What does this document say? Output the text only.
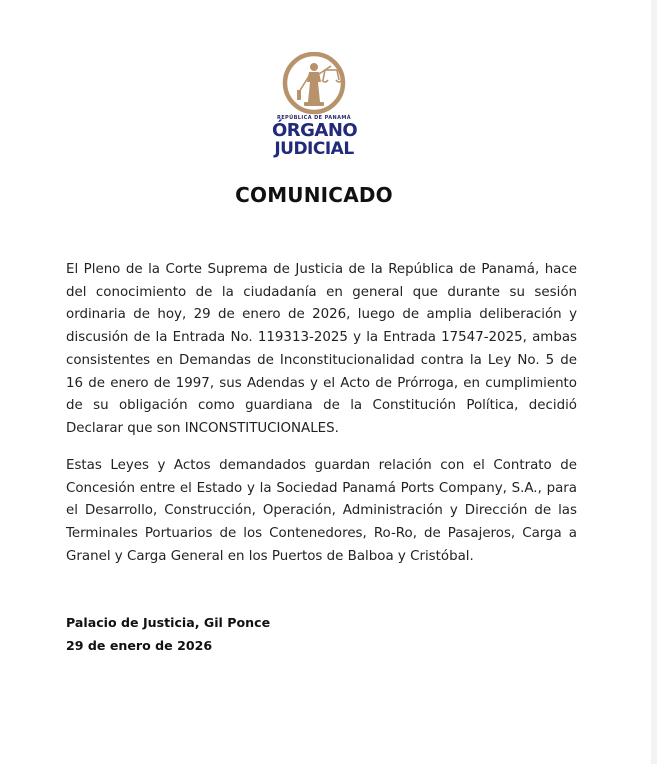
REPÚBLICA DE PANAMÁ
ÓRGANO
JUDICIAL
COMUNICADO
El Pleno de la Corte Suprema de Justicia de la República de Panamá, hace del conocimiento de la ciudadanía en general que durante su sesión ordinaria de hoy, 29 de enero de 2026, luego de amplia deliberación y discusión de la Entrada No. 119313-2025 y la Entrada 17547-2025, ambas consistentes en Demandas de Inconstitucionalidad contra la Ley No. 5 de 16 de enero de 1997, sus Adendas y el Acto de Prórroga, en cumplimiento de su obligación como guardiana de la Constitución Política, decidió Declarar que son INCONSTITUCIONALES.
Estas Leyes y Actos demandados guardan relación con el Contrato de Concesión entre el Estado y la Sociedad Panamá Ports Company, S.A., para el Desarrollo, Construcción, Operación, Administración y Dirección de las Terminales Portuarios de los Contenedores, Ro-Ro, de Pasajeros, Carga a Granel y Carga General en los Puertos de Balboa y Cristóbal.
Palacio de Justicia, Gil Ponce
29 de enero de 2026
